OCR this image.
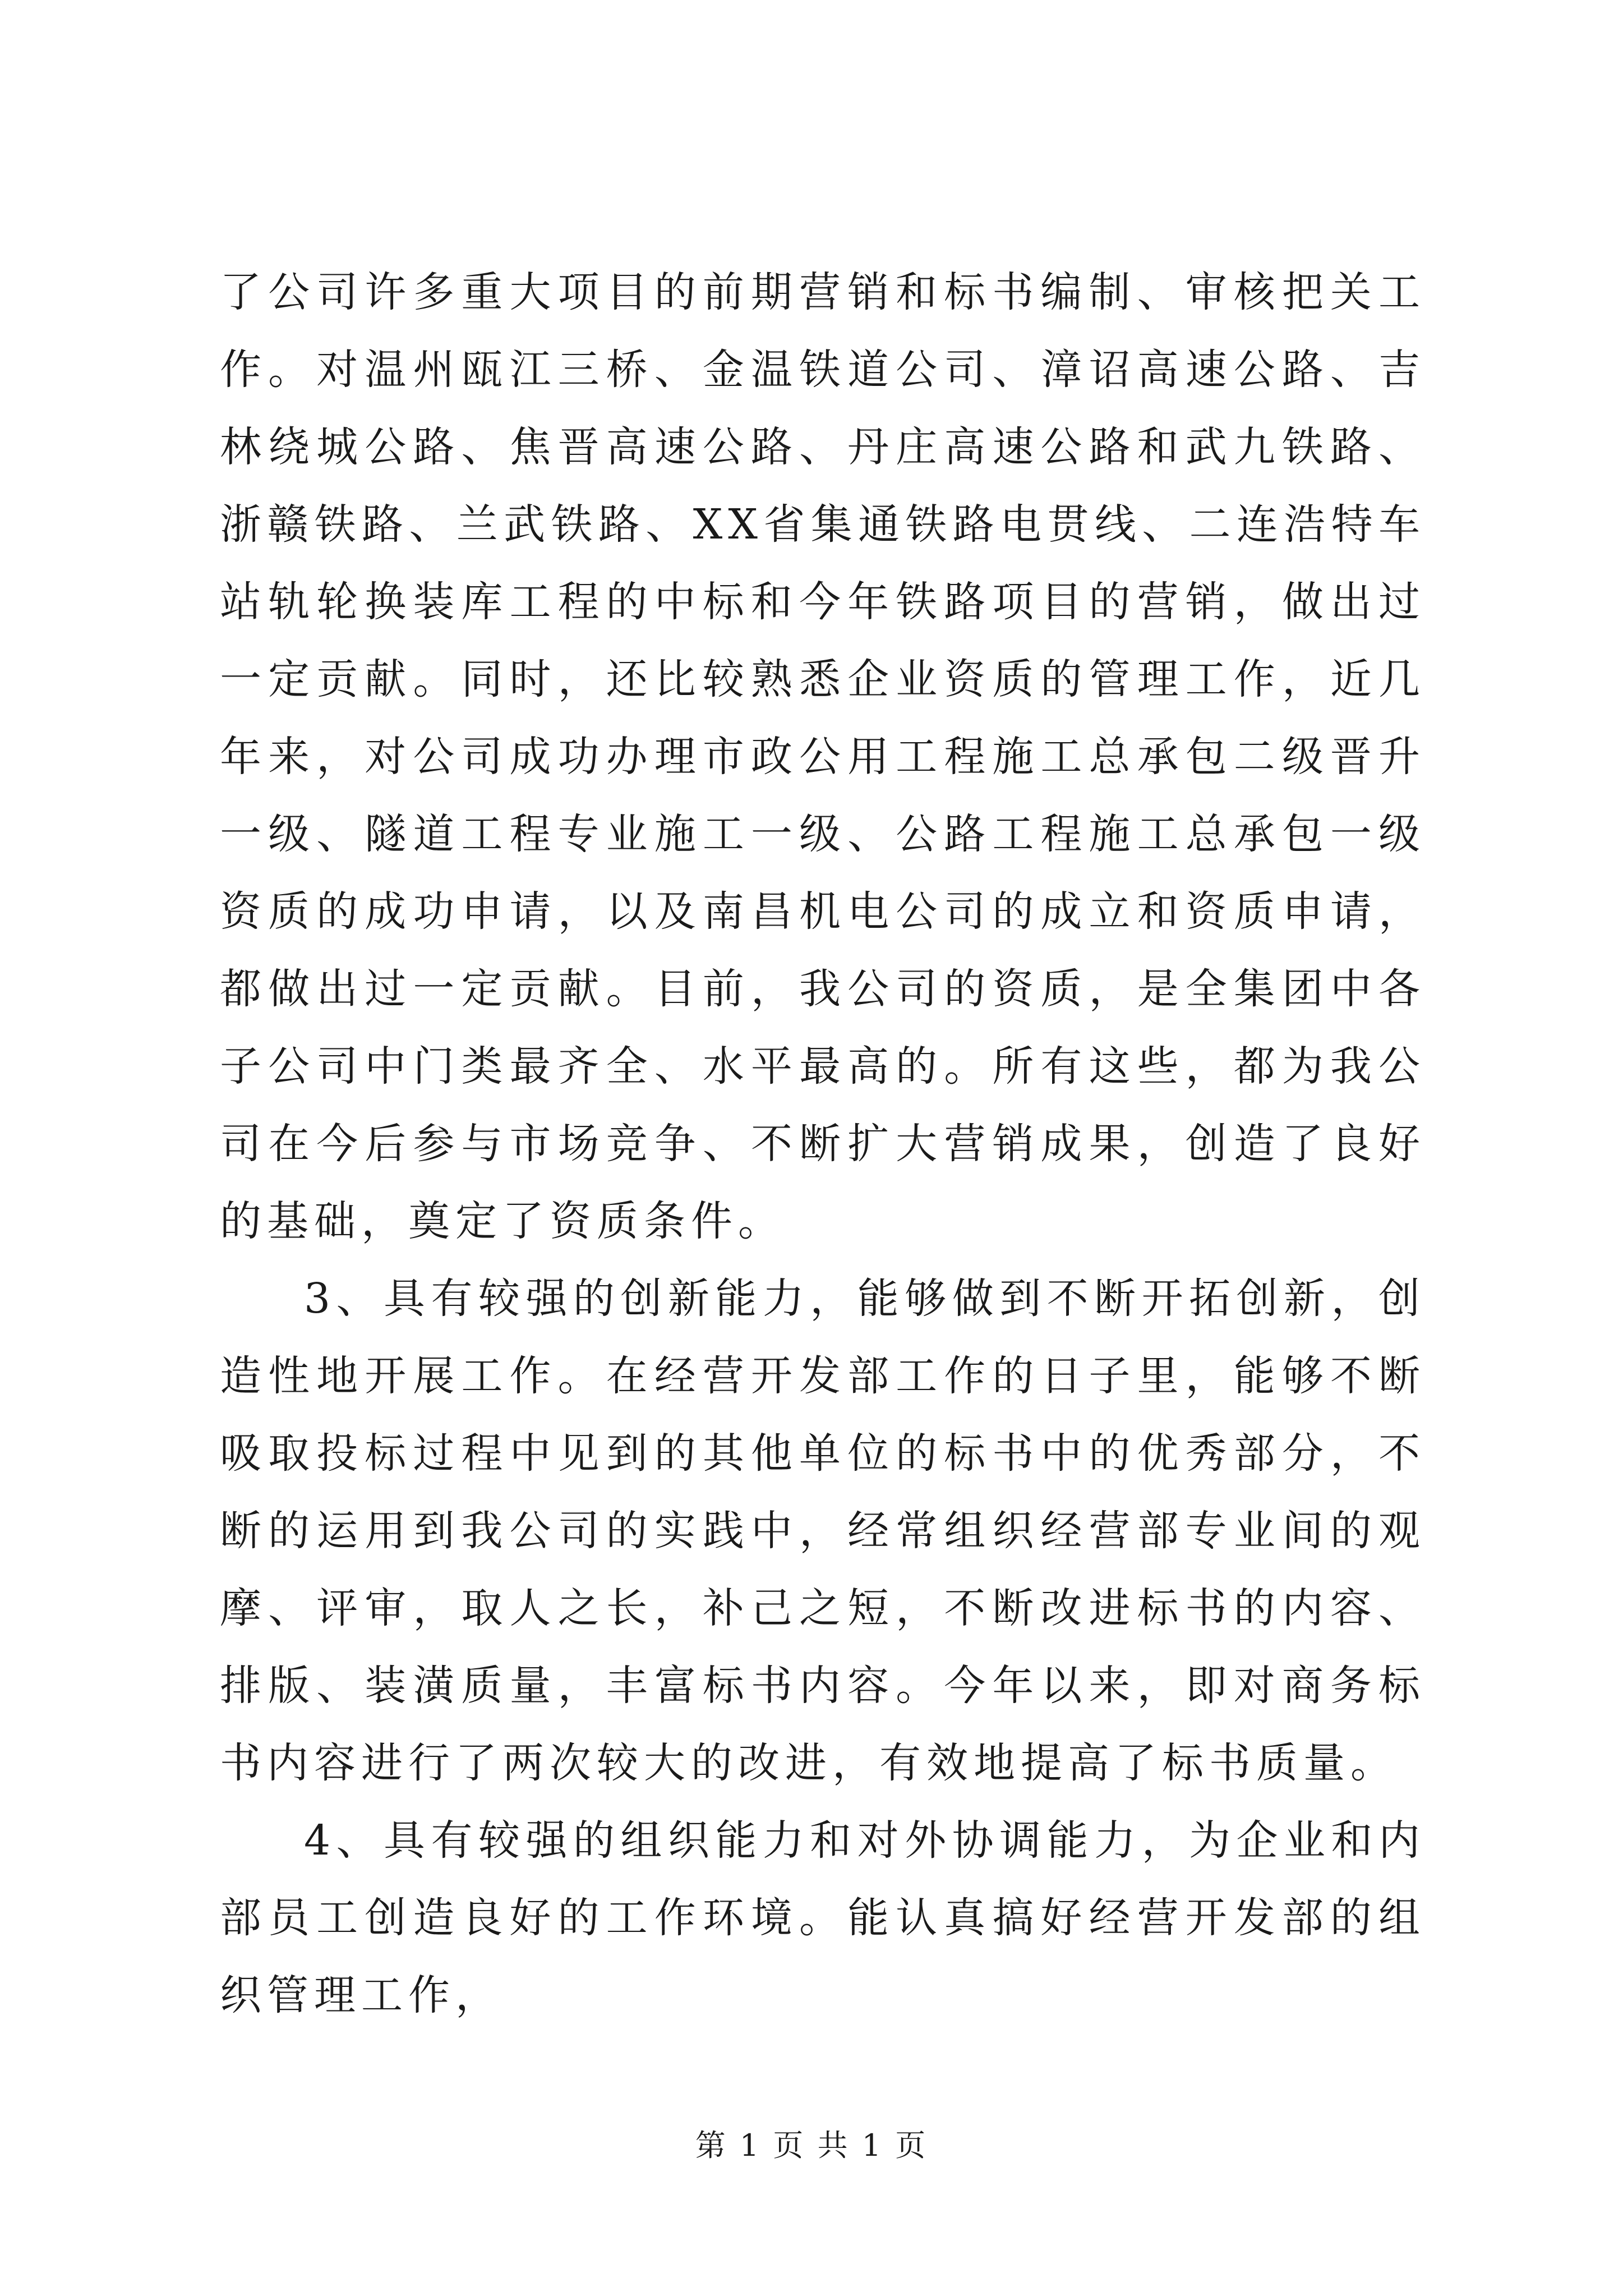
了公司许多重大项目的前期营销和标书编制、审核把关工作。对温州瓯江三桥、金温铁道公司、漳诏高速公路、吉林绕城公路、焦晋高速公路、丹庄高速公路和武九铁路、浙赣铁路、兰武铁路、XX省集通铁路电贯线、二连浩特车站轨轮换装库工程的中标和今年铁路项目的营销，做出过一定贡献。同时，还比较熟悉企业资质的管理工作，近几年来，对公司成功办理市政公用工程施工总承包二级晋升一级、隧道工程专业施工一级、公路工程施工总承包一级资质的成功申请，以及南昌机电公司的成立和资质申请，都做出过一定贡献。目前，我公司的资质，是全集团中各子公司中门类最齐全、水平最高的。所有这些，都为我公司在今后参与市场竞争、不断扩大营销成果，创造了良好的基础，奠定了资质条件。

3、具有较强的创新能力，能够做到不断开拓创新，创造性地开展工作。在经营开发部工作的日子里，能够不断吸取投标过程中见到的其他单位的标书中的优秀部分，不断的运用到我公司的实践中，经常组织经营部专业间的观摩、评审，取人之长，补己之短，不断改进标书的内容、排版、装潢质量，丰富标书内容。今年以来，即对商务标书内容进行了两次较大的改进，有效地提高了标书质量。

4、具有较强的组织能力和对外协调能力，为企业和内部员工创造良好的工作环境。能认真搞好经营开发部的组织管理工作，

第 1 页 共 1 页
